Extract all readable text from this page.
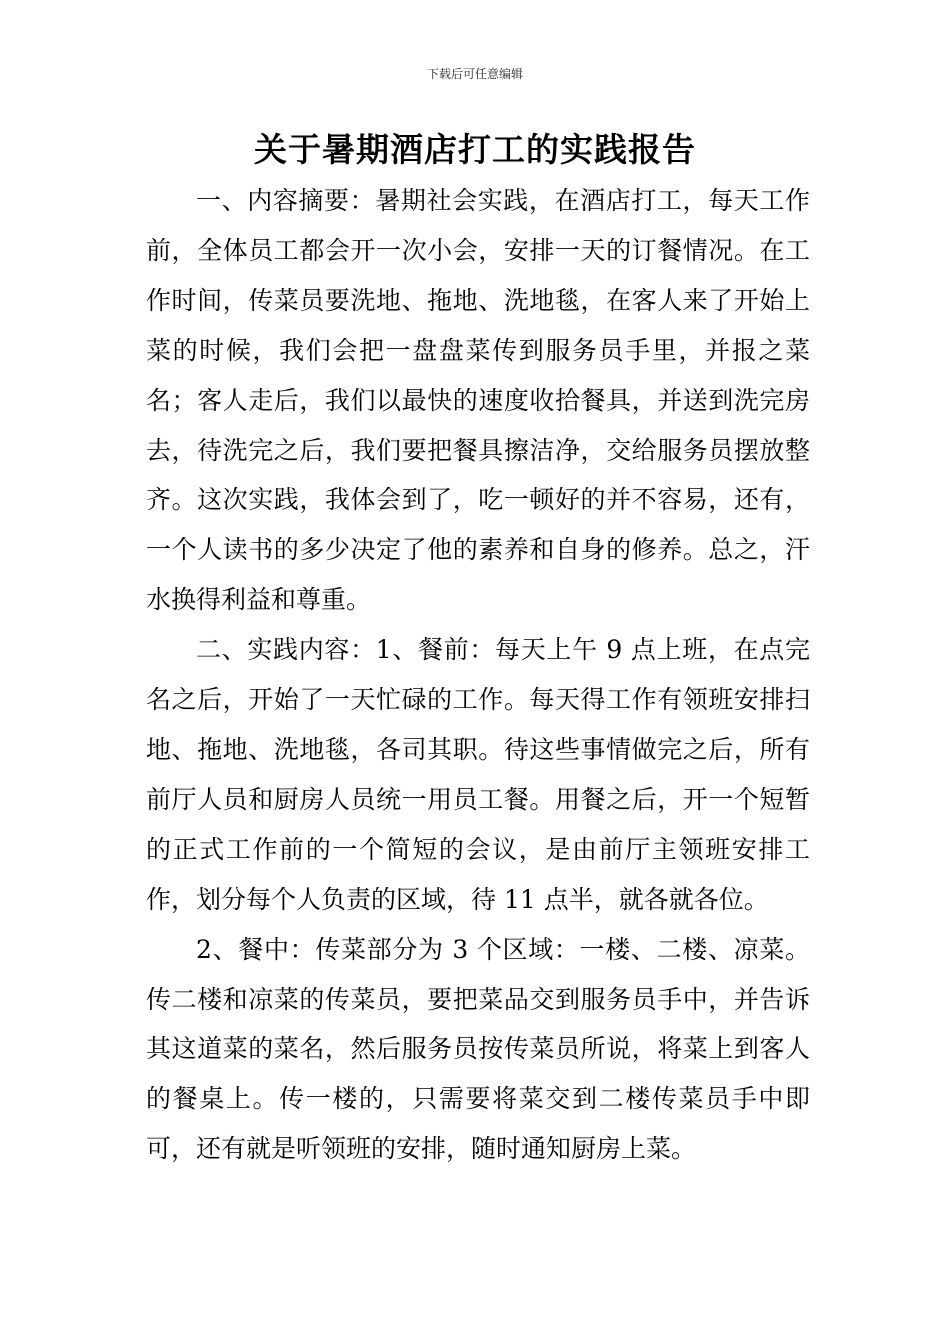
下载后可任意编辑
关于暑期酒店打工的实践报告

一、内容摘要：暑期社会实践，在酒店打工，每天工作前，全体员工都会开一次小会，安排一天的订餐情况。在工作时间，传菜员要洗地、拖地、洗地毯，在客人来了开始上菜的时候，我们会把一盘盘菜传到服务员手里，并报之菜名；客人走后，我们以最快的速度收拾餐具，并送到洗完房去，待洗完之后，我们要把餐具擦洁净，交给服务员摆放整齐。这次实践，我体会到了，吃一顿好的并不容易，还有，一个人读书的多少决定了他的素养和自身的修养。总之，汗水换得利益和尊重。

二、实践内容：1、餐前：每天上午 9 点上班，在点完名之后，开始了一天忙碌的工作。每天得工作有领班安排扫地、拖地、洗地毯，各司其职。待这些事情做完之后，所有前厅人员和厨房人员统一用员工餐。用餐之后，开一个短暂的正式工作前的一个简短的会议，是由前厅主领班安排工作，划分每个人负责的区域，待 11 点半，就各就各位。

2、餐中：传菜部分为 3 个区域：一楼、二楼、凉菜。传二楼和凉菜的传菜员，要把菜品交到服务员手中，并告诉其这道菜的菜名，然后服务员按传菜员所说，将菜上到客人的餐桌上。传一楼的，只需要将菜交到二楼传菜员手中即可，还有就是听领班的安排，随时通知厨房上菜。
